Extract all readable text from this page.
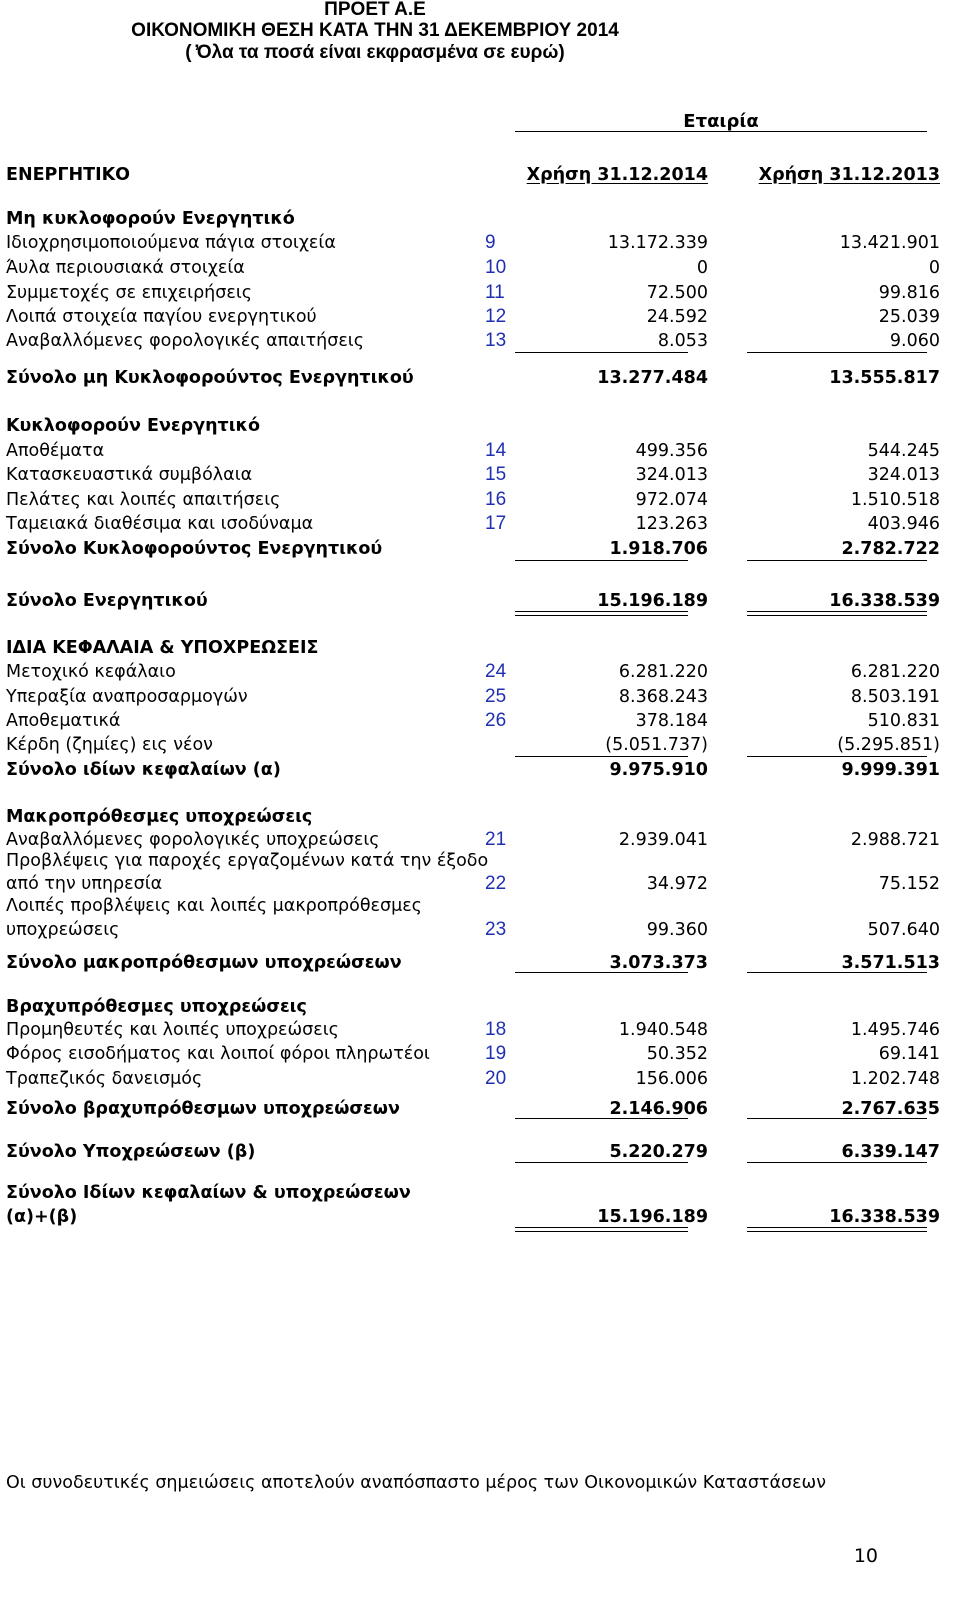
ΠΡΟΕΤ Α.Ε
ΟΙΚΟΝΟΜΙΚΗ ΘΕΣΗ ΚΑΤΑ ΤΗΝ 31 ΔΕΚΕΜΒΡΙΟΥ 2014
( ̓Ολα τα ποσά είναι εκφρασμένα σε ευρώ)
Εταιρία
ΕΝΕΡΓΗΤΙΚΟ	Χρήση 31.12.2014	Χρήση 31.12.2013
Μη κυκλοφορούν Ενεργητικό
Ιδιοχρησιμοποιούμενα πάγια στοιχεία	9	13.172.339	13.421.901
Άυλα περιουσιακά στοιχεία	10	0	0
Συμμετοχές σε επιχειρήσεις	11	72.500	99.816
Λοιπά στοιχεία παγίου ενεργητικού	12	24.592	25.039
Αναβαλλόμενες φορολογικές απαιτήσεις	13	8.053	9.060
Σύνολο μη Κυκλοφορούντος Ενεργητικού	13.277.484	13.555.817
Κυκλοφορούν Ενεργητικό
Αποθέματα	14	499.356	544.245
Κατασκευαστικά συμβόλαια	15	324.013	324.013
Πελάτες και λοιπές απαιτήσεις	16	972.074	1.510.518
Ταμειακά διαθέσιμα και ισοδύναμα	17	123.263	403.946
Σύνολο Κυκλοφορούντος Ενεργητικού	1.918.706	2.782.722
Σύνολο Ενεργητικού	15.196.189	16.338.539
ΙΔΙΑ ΚΕΦΑΛΑΙΑ & ΥΠΟΧΡΕΩΣΕΙΣ
Μετοχικό κεφάλαιο	24	6.281.220	6.281.220
Υπεραξία αναπροσαρμογών	25	8.368.243	8.503.191
Αποθεματικά	26	378.184	510.831
Κέρδη (ζημίες) εις νέον	(5.051.737)	(5.295.851)
Σύνολο ιδίων κεφαλαίων (α)	9.975.910	9.999.391
Μακροπρόθεσμες υποχρεώσεις
Αναβαλλόμενες φορολογικές υποχρεώσεις	21	2.939.041	2.988.721
Προβλέψεις για παροχές εργαζομένων κατά την έξοδο
από την υπηρεσία	22	34.972	75.152
Λοιπές προβλέψεις και λοιπές μακροπρόθεσμες
υποχρεώσεις	23	99.360	507.640
Σύνολο μακροπρόθεσμων υποχρεώσεων	3.073.373	3.571.513
Βραχυπρόθεσμες υποχρεώσεις
Προμηθευτές και λοιπές υποχρεώσεις	18	1.940.548	1.495.746
Φόρος εισοδήματος και λοιποί φόροι πληρωτέοι	19	50.352	69.141
Τραπεζικός δανεισμός	20	156.006	1.202.748
Σύνολο βραχυπρόθεσμων υποχρεώσεων	2.146.906	2.767.635
Σύνολο Υποχρεώσεων (β)	5.220.279	6.339.147
Σύνολο Ιδίων κεφαλαίων & υποχρεώσεων
(α)+(β)	15.196.189	16.338.539
Οι συνοδευτικές σημειώσεις αποτελούν αναπόσπαστο μέρος των Οικονομικών Καταστάσεων
10
